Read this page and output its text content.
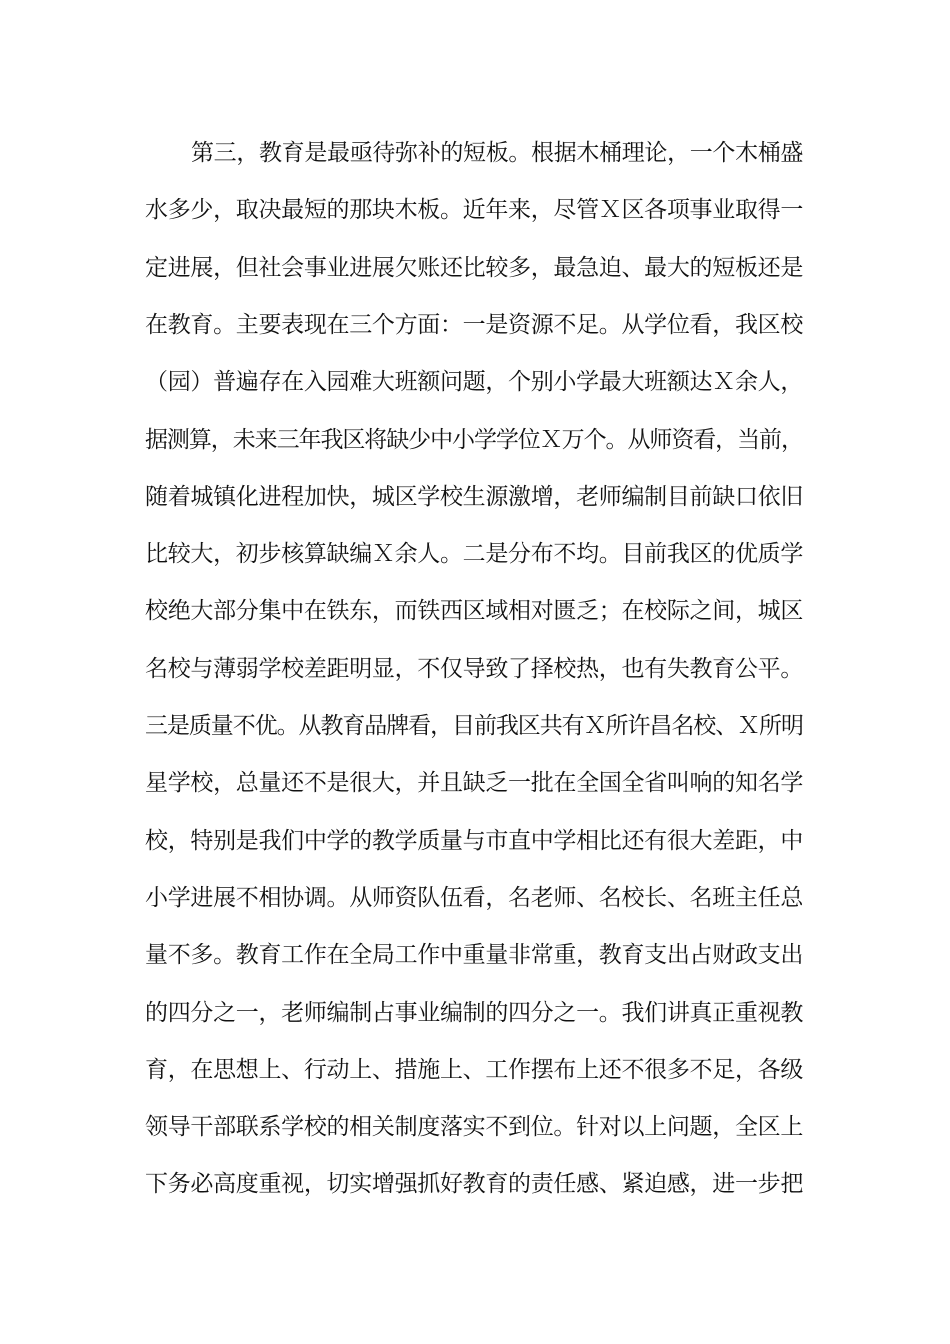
第三，教育是最亟待弥补的短板。根据木桶理论，一个木桶盛
水多少，取决最短的那块木板。近年来，尽管Ｘ区各项事业取得一
定进展，但社会事业进展欠账还比较多，最急迫、最大的短板还是
在教育。主要表现在三个方面：一是资源不足。从学位看，我区校
（园）普遍存在入园难大班额问题，个别小学最大班额达Ｘ余人，
据测算，未来三年我区将缺少中小学学位Ｘ万个。从师资看，当前，
随着城镇化进程加快，城区学校生源激增，老师编制目前缺口依旧
比较大，初步核算缺编Ｘ余人。二是分布不均。目前我区的优质学
校绝大部分集中在铁东，而铁西区域相对匮乏；在校际之间，城区
名校与薄弱学校差距明显，不仅导致了择校热，也有失教育公平。
三是质量不优。从教育品牌看，目前我区共有Ｘ所许昌名校、Ｘ所明
星学校，总量还不是很大，并且缺乏一批在全国全省叫响的知名学
校，特别是我们中学的教学质量与市直中学相比还有很大差距，中
小学进展不相协调。从师资队伍看，名老师、名校长、名班主任总
量不多。教育工作在全局工作中重量非常重，教育支出占财政支出
的四分之一，老师编制占事业编制的四分之一。我们讲真正重视教
育，在思想上、行动上、措施上、工作摆布上还不很多不足，各级
领导干部联系学校的相关制度落实不到位。针对以上问题，全区上
下务必高度重视，切实增强抓好教育的责任感、紧迫感，进一步把
